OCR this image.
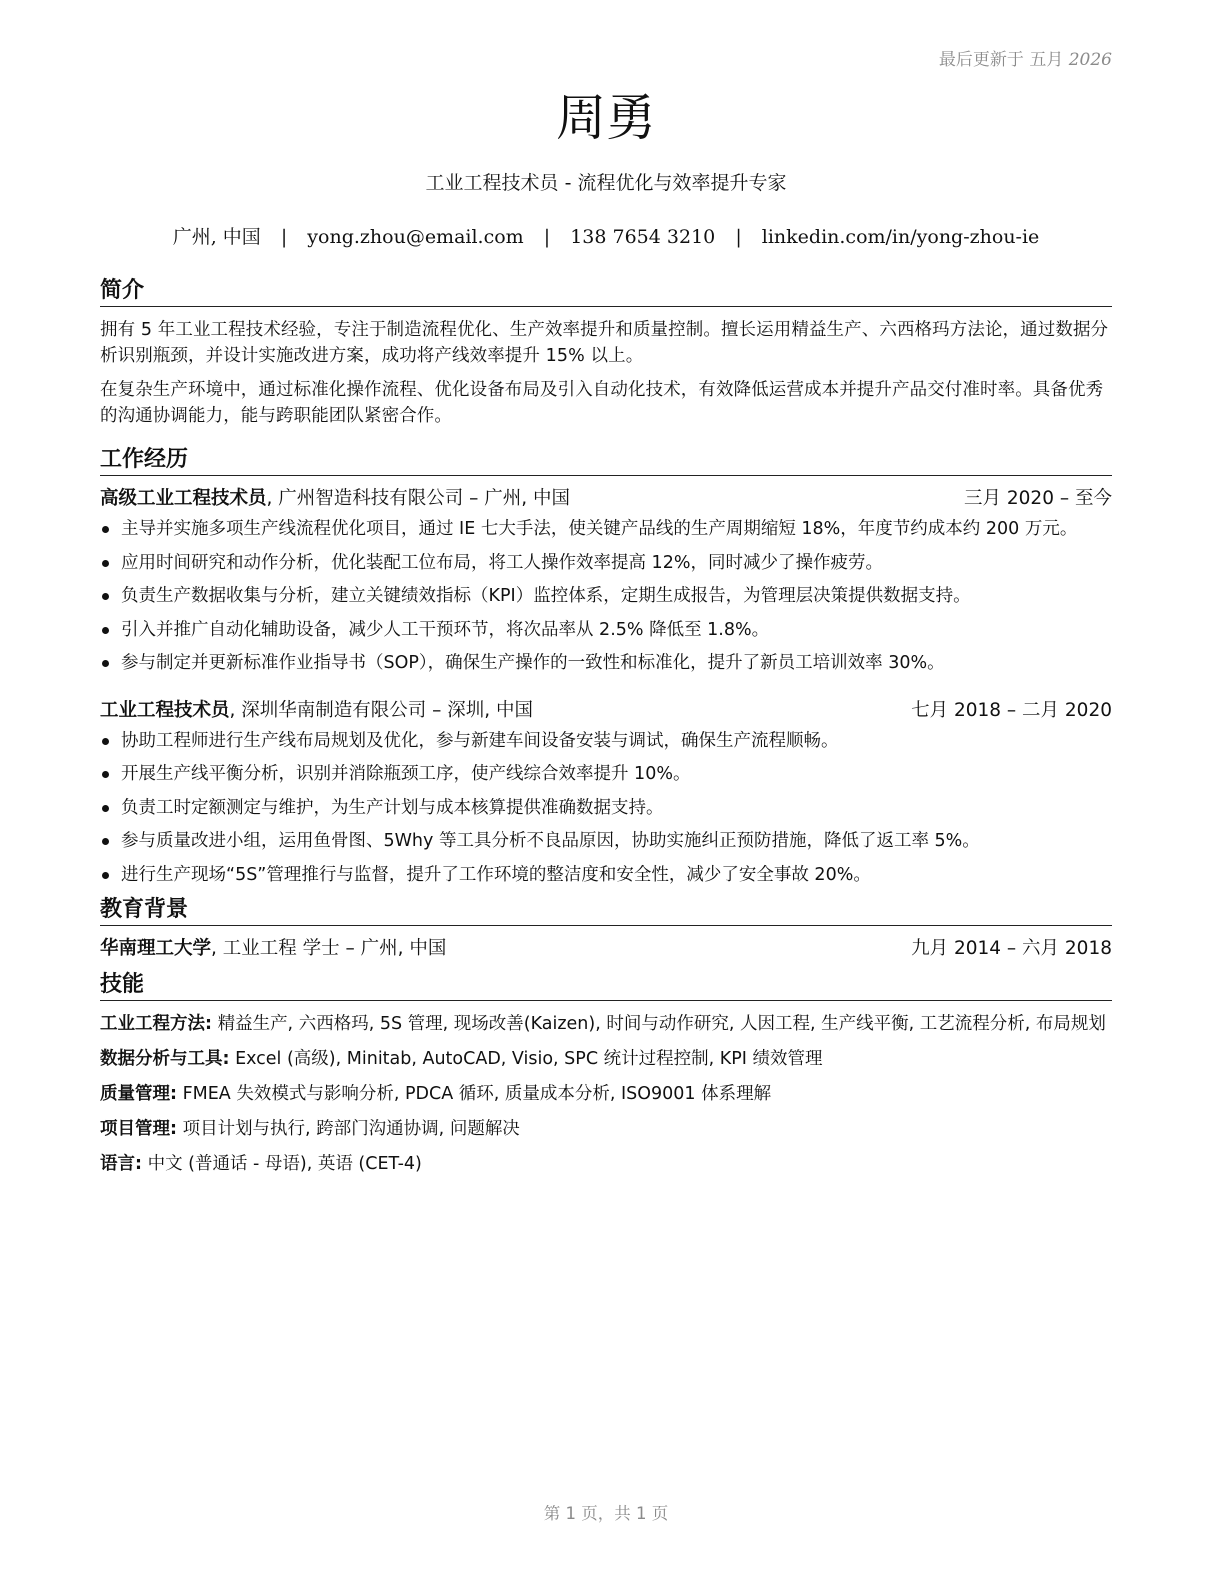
最后更新于 五月 2026
周勇
工业工程技术员 - 流程优化与效率提升专家
广州, 中国 | yong.zhou@email.com | 138 7654 3210 | linkedin.com/in/yong-zhou-ie
简介

拥有 5 年工业工程技术经验，专注于制造流程优化、生产效率提升和质量控制。擅长运用精益生产、六西格玛方法论，通过数据分析识别瓶颈，并设计实施改进方案，成功将产线效率提升 15% 以上。

在复杂生产环境中，通过标准化操作流程、优化设备布局及引入自动化技术，有效降低运营成本并提升产品交付准时率。具备优秀的沟通协调能力，能与跨职能团队紧密合作。

工作经历
高级工业工程技术员, 广州智造科技有限公司 – 广州, 中国	三月 2020 – 至今
主导并实施多项生产线流程优化项目，通过 IE 七大手法，使关键产品线的生产周期缩短 18%，年度节约成本约 200 万元。
应用时间研究和动作分析，优化装配工位布局，将工人操作效率提高 12%，同时减少了操作疲劳。
负责生产数据收集与分析，建立关键绩效指标（KPI）监控体系，定期生成报告，为管理层决策提供数据支持。
引入并推广自动化辅助设备，减少人工干预环节，将次品率从 2.5% 降低至 1.8%。
参与制定并更新标准作业指导书（SOP），确保生产操作的一致性和标准化，提升了新员工培训效率 30%。
工业工程技术员, 深圳华南制造有限公司 – 深圳, 中国	七月 2018 – 二月 2020
协助工程师进行生产线布局规划及优化，参与新建车间设备安装与调试，确保生产流程顺畅。
开展生产线平衡分析，识别并消除瓶颈工序，使产线综合效率提升 10%。
负责工时定额测定与维护，为生产计划与成本核算提供准确数据支持。
参与质量改进小组，运用鱼骨图、5Why 等工具分析不良品原因，协助实施纠正预防措施，降低了返工率 5%。
进行生产现场“5S”管理推行与监督，提升了工作环境的整洁度和安全性，减少了安全事故 20%。
教育背景
华南理工大学, 工业工程 学士 – 广州, 中国	九月 2014 – 六月 2018
技能
工业工程方法: 精益生产, 六西格玛, 5S 管理, 现场改善(Kaizen), 时间与动作研究, 人因工程, 生产线平衡, 工艺流程分析, 布局规划
数据分析与工具: Excel (高级), Minitab, AutoCAD, Visio, SPC 统计过程控制, KPI 绩效管理
质量管理: FMEA 失效模式与影响分析, PDCA 循环, 质量成本分析, ISO9001 体系理解
项目管理: 项目计划与执行, 跨部门沟通协调, 问题解决
语言: 中文 (普通话 - 母语), 英语 (CET-4)
第 1 页，共 1 页
